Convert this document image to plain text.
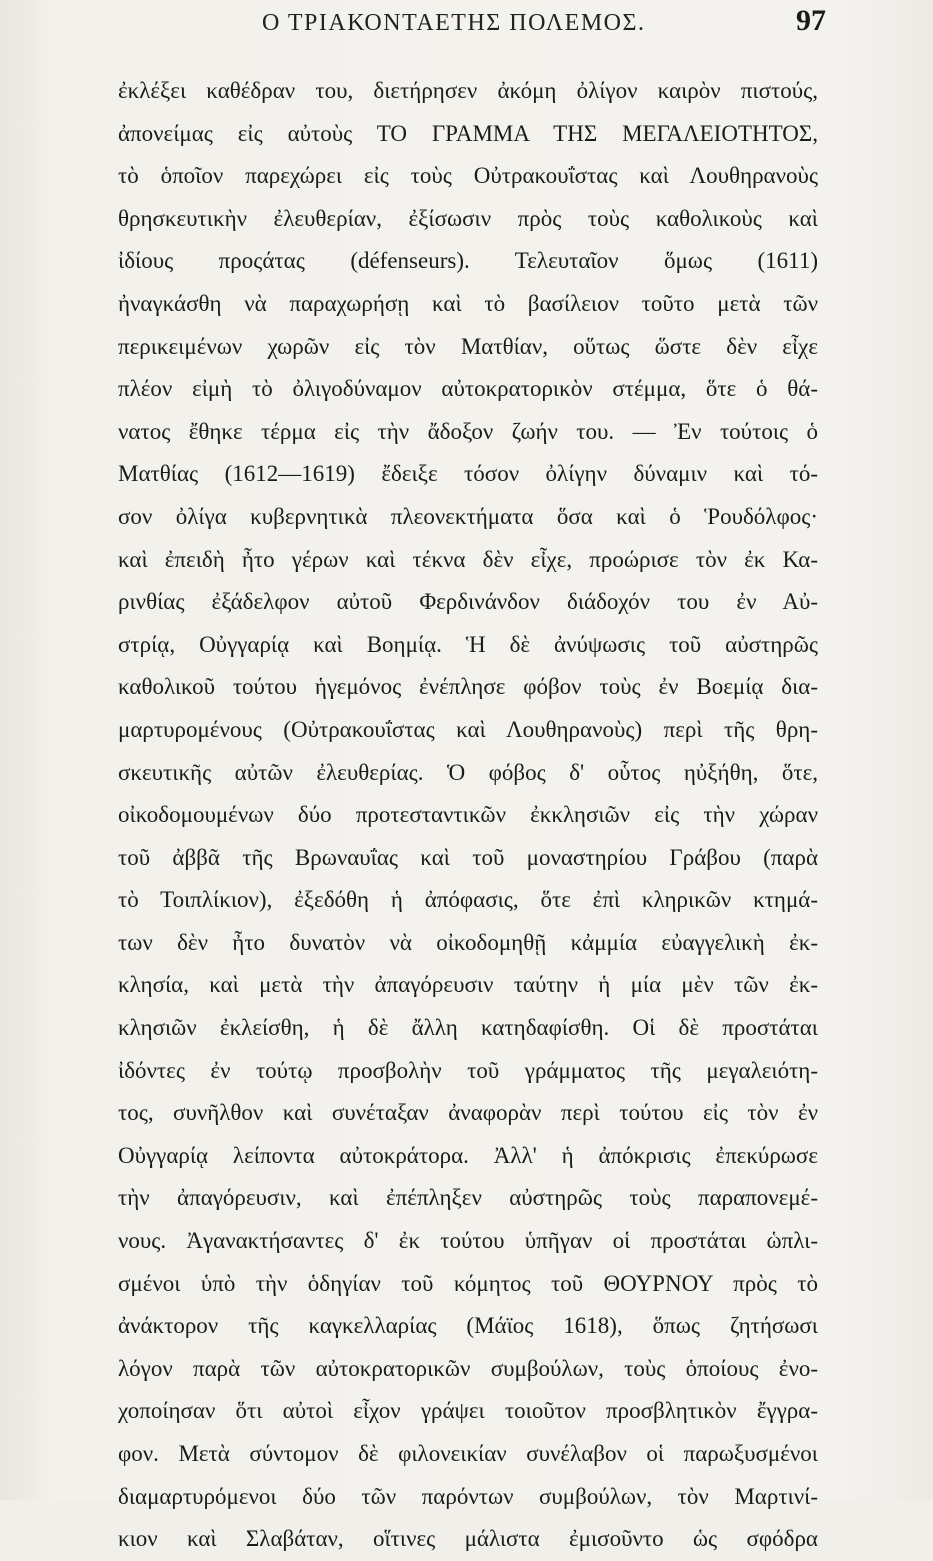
Ο ΤΡΙΑΚΟΝΤΑΕΤΗΣ ΠΟΛΕΜΟΣ.	97
ἐκλέξει καθέδραν του, διετήρησεν ἀκόμη ὀλίγον καιρὸν πιστούς,
ἀπονείμας εἰς αὐτοὺς ΤΟ ΓΡΑΜΜΑ ΤΗΣ ΜΕΓΑΛΕΙΟΤΗΤΟΣ,
τὸ ὁποῖον παρεχώρει εἰς τοὺς Οὐτρακουΐστας καὶ Λουθηρανοὺς
θρησκευτικὴν ἐλευθερίαν, ἐξίσωσιν πρὸς τοὺς καθολικοὺς καὶ
ἰδίους προςάτας (défenseurs). Τελευταῖον ὅμως (1611)
ἠναγκάσθη νὰ παραχωρήσῃ καὶ τὸ βασίλειον τοῦτο μετὰ τῶν
περικειμένων χωρῶν εἰς τὸν Ματθίαν, οὕτως ὥστε δὲν εἶχε
πλέον εἰμὴ τὸ ὀλιγοδύναμον αὐτοκρατορικὸν στέμμα, ὅτε ὁ θά-
νατος ἔθηκε τέρμα εἰς τὴν ἄδοξον ζωήν του. — Ἐν τούτοις ὁ
Ματθίας (1612—1619) ἔδειξε τόσον ὀλίγην δύναμιν καὶ τό-
σον ὀλίγα κυβερνητικὰ πλεονεκτήματα ὅσα καὶ ὁ Ῥουδόλφος·
καὶ ἐπειδὴ ἦτο γέρων καὶ τέκνα δὲν εἶχε, προώρισε τὸν ἐκ Κα-
ρινθίας ἐξάδελφον αὐτοῦ Φερδινάνδον διάδοχόν του ἐν Αὐ-
στρίᾳ, Οὐγγαρίᾳ καὶ Βοημίᾳ. Ἡ δὲ ἀνύψωσις τοῦ αὐστηρῶς
καθολικοῦ τούτου ἡγεμόνος ἐνέπλησε φόβον τοὺς ἐν Βοεμίᾳ δια-
μαρτυρομένους (Οὐτρακουΐστας καὶ Λουθηρανοὺς) περὶ τῆς θρη-
σκευτικῆς αὐτῶν ἐλευθερίας. Ὁ φόβος δ' οὗτος ηὐξήθη, ὅτε,
οἰκοδομουμένων δύο προτεσταντικῶν ἐκκλησιῶν εἰς τὴν χώραν
τοῦ ἀββᾶ τῆς Βρωναυΐας καὶ τοῦ μοναστηρίου Γράβου (παρὰ
τὸ Τοιπλίκιον), ἐξεδόθη ἡ ἀπόφασις, ὅτε ἐπὶ κληρικῶν κτημά-
των δὲν ἦτο δυνατὸν νὰ οἰκοδομηθῇ κἀμμία εὐαγγελικὴ ἐκ-
κλησία, καὶ μετὰ τὴν ἀπαγόρευσιν ταύτην ἡ μία μὲν τῶν ἐκ-
κλησιῶν ἐκλείσθη, ἡ δὲ ἄλλη κατηδαφίσθη. Οἱ δὲ προστάται
ἰδόντες ἐν τούτῳ προσβολὴν τοῦ γράμματος τῆς μεγαλειότη-
τος, συνῆλθον καὶ συνέταξαν ἀναφορὰν περὶ τούτου εἰς τὸν ἐν
Οὐγγαρίᾳ λείποντα αὐτοκράτορα. Ἀλλ' ἡ ἀπόκρισις ἐπεκύρωσε
τὴν ἀπαγόρευσιν, καὶ ἐπέπληξεν αὐστηρῶς τοὺς παραπονεμέ-
νους. Ἀγανακτήσαντες δ' ἐκ τούτου ὑπῆγαν οἱ προστάται ὡπλι-
σμένοι ὑπὸ τὴν ὁδηγίαν τοῦ κόμητος τοῦ ΘΟΥΡΝΟΥ πρὸς τὸ
ἀνάκτορον τῆς καγκελλαρίας (Μάϊος 1618), ὅπως ζητήσωσι
λόγον παρὰ τῶν αὐτοκρατορικῶν συμβούλων, τοὺς ὁποίους ἐνο-
χοποίησαν ὅτι αὐτοὶ εἶχον γράψει τοιοῦτον προσβλητικὸν ἔγγρα-
φον. Μετὰ σύντομον δὲ φιλονεικίαν συνέλαβον οἱ παρωξυσμένοι
διαμαρτυρόμενοι δύο τῶν παρόντων συμβούλων, τὸν Μαρτινί-
κιον καὶ Σλαβάταν, οἵτινες μάλιστα ἐμισοῦντο ὡς σφόδρα
